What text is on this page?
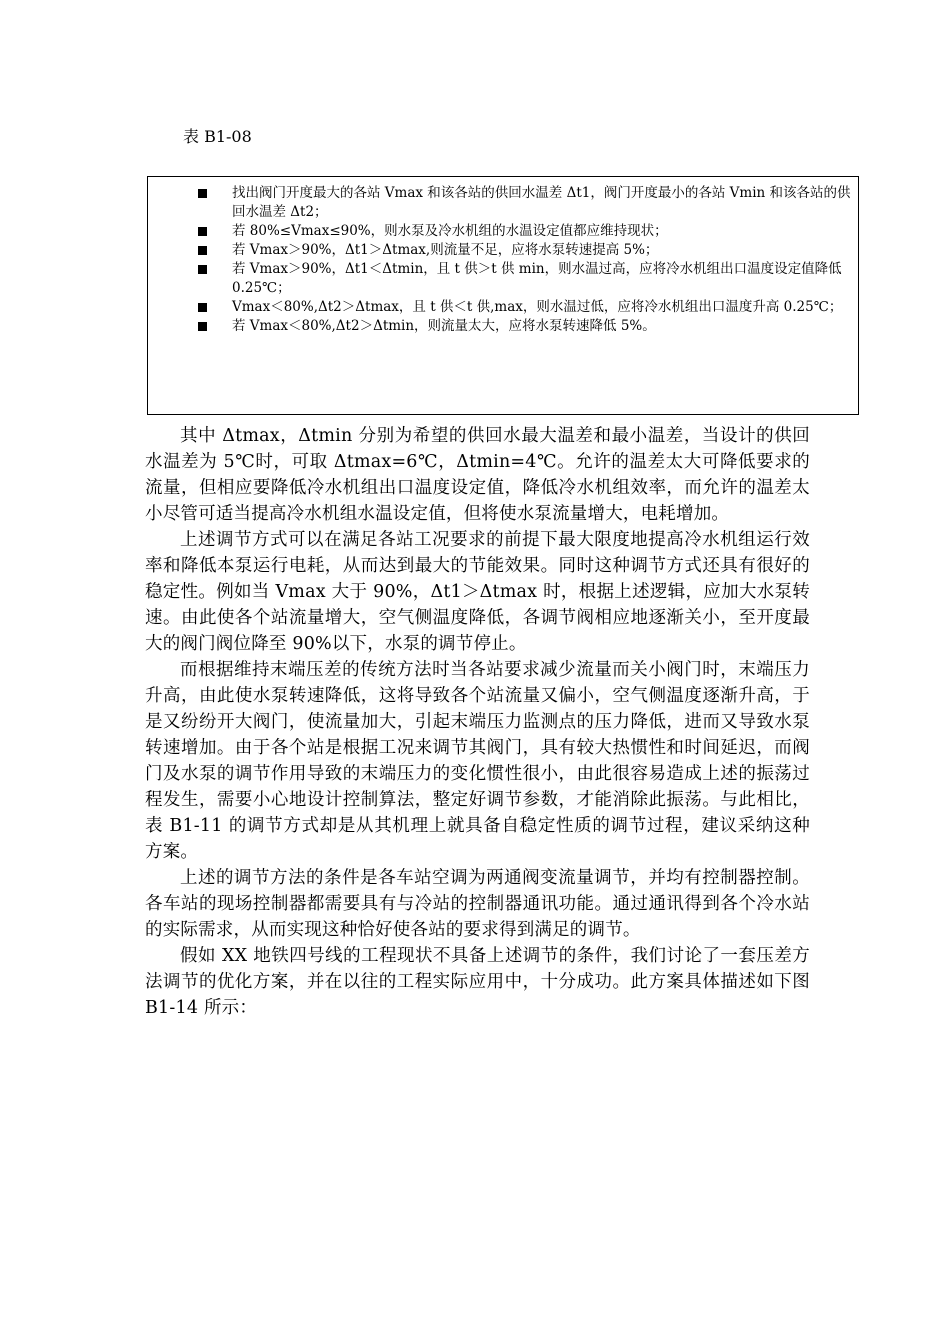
表 B1-08
找出阀门开度最大的各站 Vmax 和该各站的供回水温差 Δt1，阀门开度最小的各站 Vmin 和该各站的供回水温差 Δt2；
若 80%≤Vmax≤90%，则水泵及冷水机组的水温设定值都应维持现状；
若 Vmax＞90%，Δt1＞Δtmax,则流量不足，应将水泵转速提高 5%；
若 Vmax＞90%，Δt1＜Δtmin，且 t 供＞t 供 min，则水温过高，应将冷水机组出口温度设定值降低 0.25℃；
Vmax＜80%,Δt2＞Δtmax，且 t 供＜t 供,max，则水温过低，应将冷水机组出口温度升高 0.25℃；
若 Vmax＜80%,Δt2＞Δtmin，则流量太大，应将水泵转速降低 5%。

其中 Δtmax，Δtmin 分别为希望的供回水最大温差和最小温差，当设计的供回水温差为 5℃时，可取 Δtmax=6℃，Δtmin=4℃。允许的温差太大可降低要求的流量，但相应要降低冷水机组出口温度设定值，降低冷水机组效率，而允许的温差太小尽管可适当提高冷水机组水温设定值，但将使水泵流量增大，电耗增加。

上述调节方式可以在满足各站工况要求的前提下最大限度地提高冷水机组运行效率和降低本泵运行电耗，从而达到最大的节能效果。同时这种调节方式还具有很好的稳定性。例如当 Vmax 大于 90%，Δt1＞Δtmax 时，根据上述逻辑，应加大水泵转速。由此使各个站流量增大，空气侧温度降低，各调节阀相应地逐渐关小，至开度最大的阀门阀位降至 90%以下，水泵的调节停止。

而根据维持末端压差的传统方法时当各站要求减少流量而关小阀门时，末端压力升高，由此使水泵转速降低，这将导致各个站流量又偏小，空气侧温度逐渐升高，于是又纷纷开大阀门，使流量加大，引起末端压力监测点的压力降低，进而又导致水泵转速增加。由于各个站是根据工况来调节其阀门，具有较大热惯性和时间延迟，而阀门及水泵的调节作用导致的末端压力的变化惯性很小，由此很容易造成上述的振荡过程发生，需要小心地设计控制算法，整定好调节参数，才能消除此振荡。与此相比，表 B1-11 的调节方式却是从其机理上就具备自稳定性质的调节过程，建议采纳这种方案。

上述的调节方法的条件是各车站空调为两通阀变流量调节，并均有控制器控制。各车站的现场控制器都需要具有与冷站的控制器通讯功能。通过通讯得到各个冷水站的实际需求，从而实现这种恰好使各站的要求得到满足的调节。

假如 XX 地铁四号线的工程现状不具备上述调节的条件，我们讨论了一套压差方法调节的优化方案，并在以往的工程实际应用中，十分成功。此方案具体描述如下图 B1-14 所示：
